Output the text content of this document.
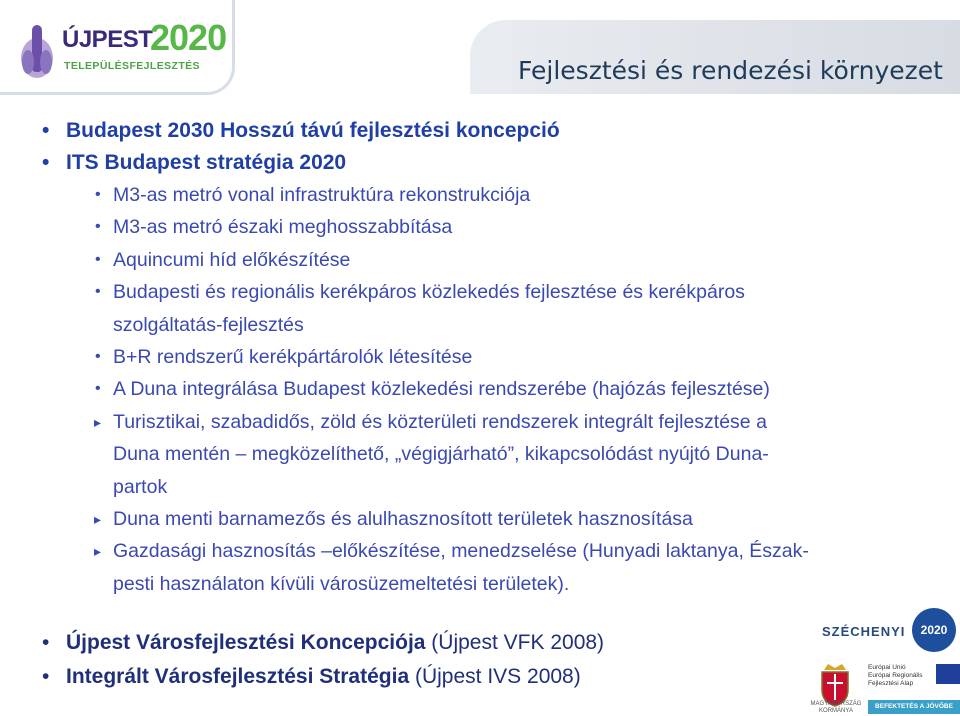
ÚJPEST
2020
TELEPÜLÉSFEJLESZTÉS	Fejlesztési és rendezési környezet
• Budapest 2030 Hosszú távú fejlesztési koncepció
• ITS Budapest stratégia 2020
• M3-as metró vonal infrastruktúra rekonstrukciója
• M3-as metró északi meghosszabbítása
• Aquincumi híd előkészítése
• Budapesti és regionális kerékpáros közlekedés fejlesztése és kerékpáros
szolgáltatás-fejlesztés
• B+R rendszerű kerékpártárolók létesítése
• A Duna integrálása Budapest közlekedési rendszerébe (hajózás fejlesztése)
▸ Turisztikai, szabadidős, zöld és közterületi rendszerek integrált fejlesztése a
Duna mentén – megközelíthető, „végigjárható”, kikapcsolódást nyújtó Duna-
partok
▸ Duna menti barnamezős és alulhasznosított területek hasznosítása
▸ Gazdasági hasznosítás –előkészítése, menedzselése (Hunyadi laktanya, Észak-
pesti használaton kívüli városüzemeltetési területek).
• Újpest Városfejlesztési Koncepciója (Újpest VFK 2008)
• Integrált Városfejlesztési Stratégia (Újpest IVS 2008)
SZÉCHENYI	2020
MAGYARORSZÁG KORMÁNYA
Európai Unió
Európai Regionális
Fejlesztési Alap
BEFEKTETÉS A JÖVŐBE
